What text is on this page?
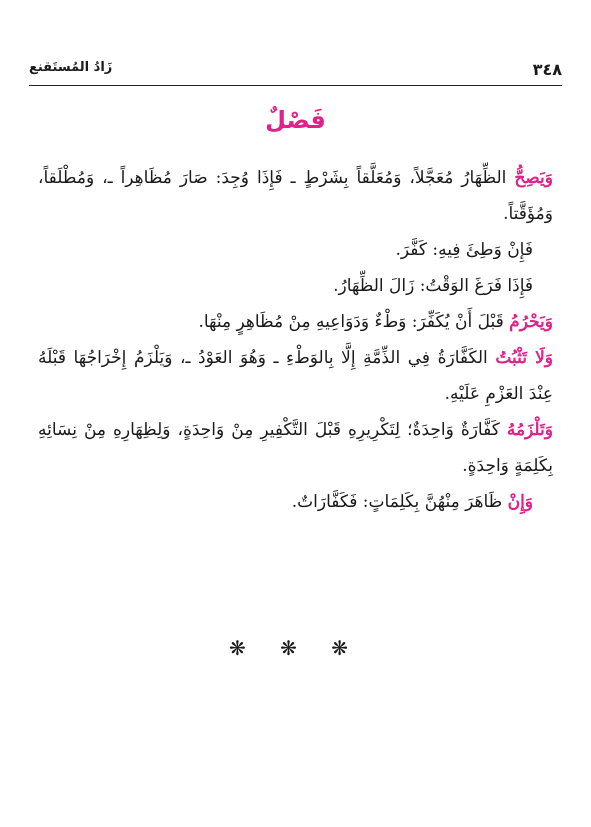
٣٤٨
زَادُ المُستَقنع
فَصْلٌ

وَيَصِحُّ الظِّهَارُ مُعَجَّلاً، وَمُعَلَّقاً بِشَرْطٍ ـ فَإِذَا وُجِدَ: صَارَ مُظَاهِراً ـ، وَمُطْلَقاً، وَمُؤَقَّتاً.

فَإِنْ وَطِئَ فِيهِ: كَفَّرَ.

فَإِذَا فَرَغَ الوَقْتُ: زَالَ الظِّهَارُ.

وَيَحْرُمُ قَبْلَ أَنْ يُكَفِّرَ: وَطْءٌ وَدَوَاعِيهِ مِنْ مُظَاهِرٍ مِنْهَا.

وَلَا تَثْبُتُ الكَفَّارَةُ فِي الذِّمَّةِ إِلَّا بِالوَطْءِ ـ وَهُوَ العَوْدُ ـ، وَيَلْزَمُ إِخْرَاجُهَا قَبْلَهُ عِنْدَ العَزْمِ عَلَيْهِ.

وَتَلْزَمُهُ كَفَّارَةٌ وَاحِدَةٌ؛ لِتَكْرِيرِهِ قَبْلَ التَّكْفِيرِ مِنْ وَاحِدَةٍ، وَلِظِهَارِهِ مِنْ نِسَائِهِ بِكَلِمَةٍ وَاحِدَةٍ.

وَإِنْ ظَاهَرَ مِنْهُنَّ بِكَلِمَاتٍ: فَكَفَّارَاتٌ.

❋ ❋ ❋
